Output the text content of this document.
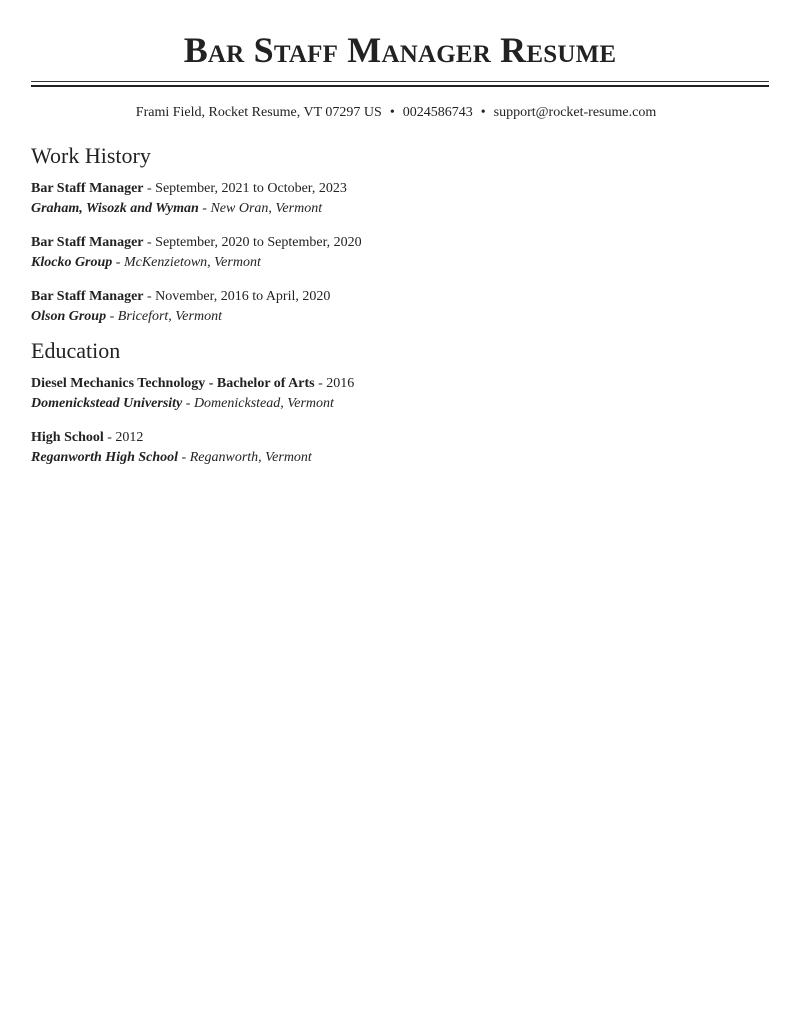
Bar Staff Manager Resume
Frami Field, Rocket Resume, VT 07297 US • 0024586743 • support@rocket-resume.com
Work History
Bar Staff Manager - September, 2021 to October, 2023
Graham, Wisozk and Wyman - New Oran, Vermont
Bar Staff Manager - September, 2020 to September, 2020
Klocko Group - McKenzietown, Vermont
Bar Staff Manager - November, 2016 to April, 2020
Olson Group - Bricefort, Vermont
Education
Diesel Mechanics Technology - Bachelor of Arts - 2016
Domenickstead University - Domenickstead, Vermont
High School - 2012
Reganworth High School - Reganworth, Vermont
